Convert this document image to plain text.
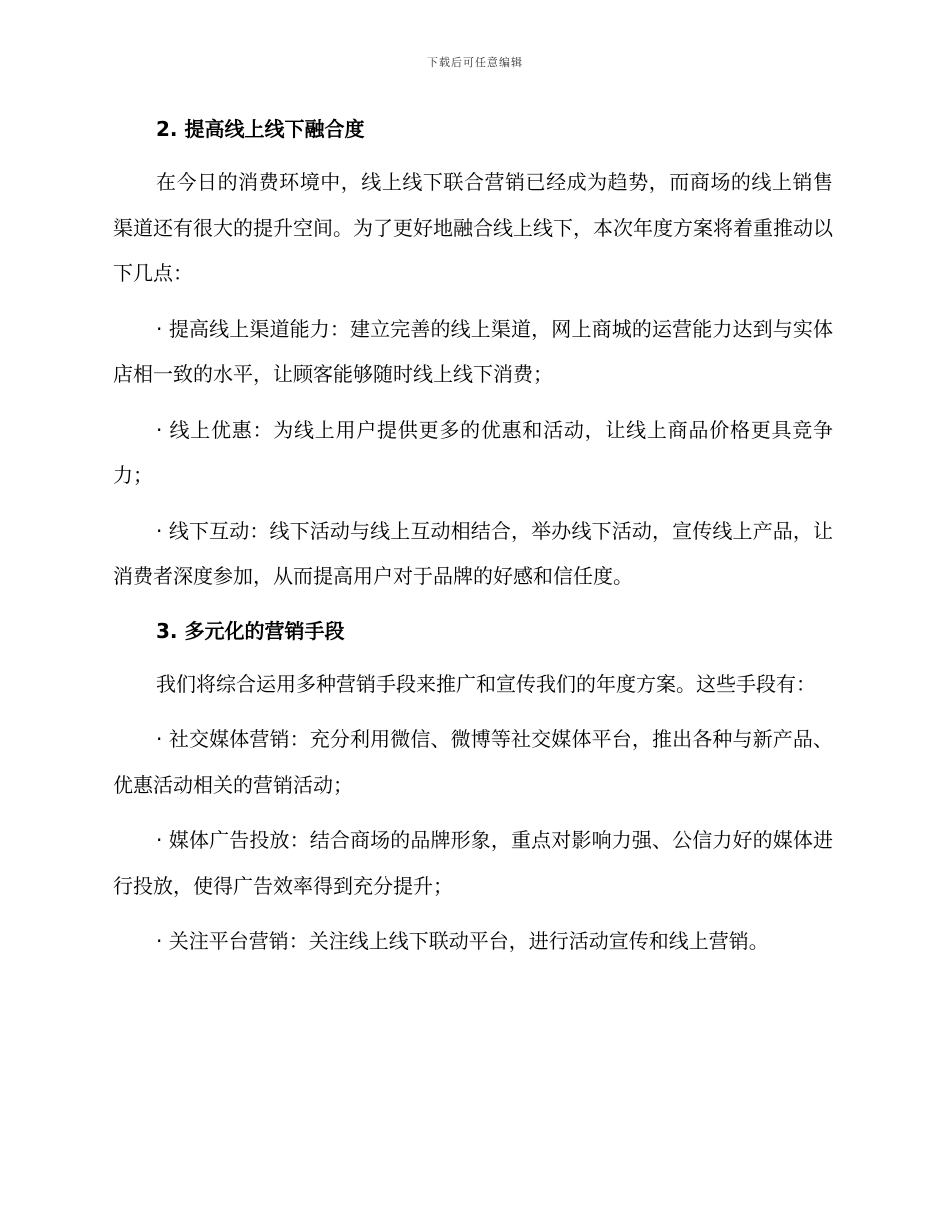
下载后可任意编辑
2. 提高线上线下融合度

在今日的消费环境中，线上线下联合营销已经成为趋势，而商场的线上销售渠道还有很大的提升空间。为了更好地融合线上线下，本次年度方案将着重推动以下几点：

· 提高线上渠道能力：建立完善的线上渠道，网上商城的运营能力达到与实体店相一致的水平，让顾客能够随时线上线下消费；

· 线上优惠：为线上用户提供更多的优惠和活动，让线上商品价格更具竞争力；

· 线下互动：线下活动与线上互动相结合，举办线下活动，宣传线上产品，让消费者深度参加，从而提高用户对于品牌的好感和信任度。

3. 多元化的营销手段

我们将综合运用多种营销手段来推广和宣传我们的年度方案。这些手段有：

· 社交媒体营销：充分利用微信、微博等社交媒体平台，推出各种与新产品、优惠活动相关的营销活动；

· 媒体广告投放：结合商场的品牌形象，重点对影响力强、公信力好的媒体进行投放，使得广告效率得到充分提升；

· 关注平台营销：关注线上线下联动平台，进行活动宣传和线上营销。
